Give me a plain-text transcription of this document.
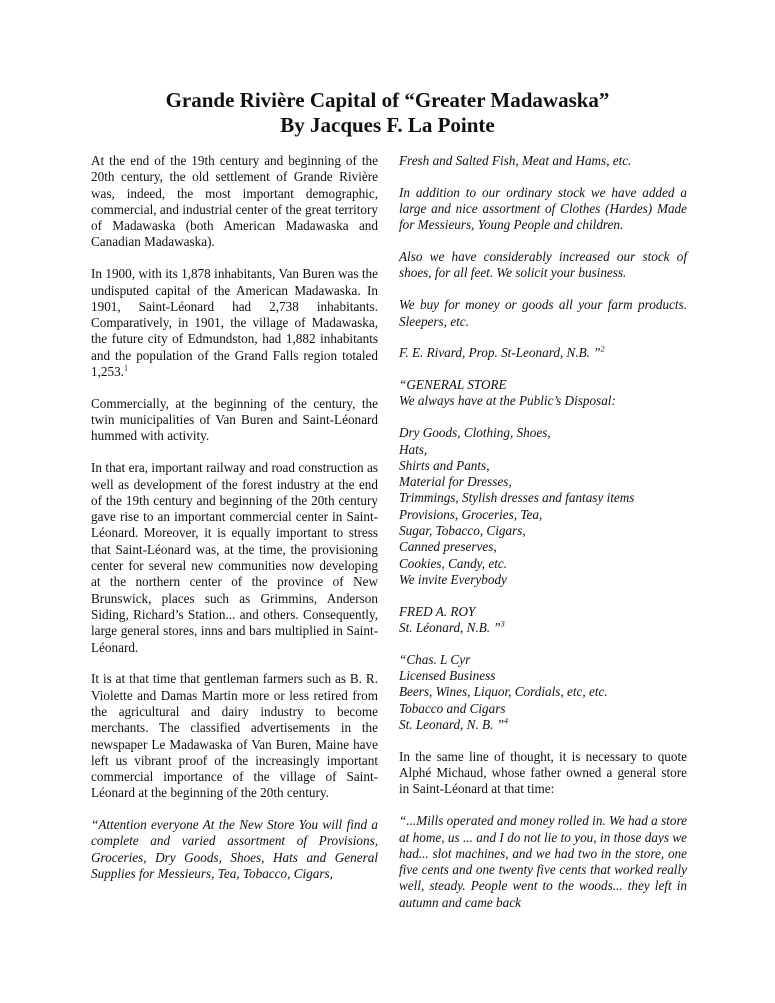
Grande Rivière Capital of “Greater Madawaska”
By Jacques F. La Pointe

At the end of the 19th century and beginning of the 20th century, the old settlement of Grande Rivière was, indeed, the most important demographic, commercial, and industrial center of the great territory of Madawaska (both American Madawaska and Canadian Madawaska).

In 1900, with its 1,878 inhabitants, Van Buren was the undisputed capital of the American Madawaska. In 1901, Saint-Léonard had 2,738 inhabitants. Comparatively, in 1901, the village of Madawaska, the future city of Edmundston, had 1,882 inhabitants and the population of the Grand Falls region totaled 1,253.$^1$

Commercially, at the beginning of the century, the twin municipalities of Van Buren and Saint-Léonard hummed with activity.

In that era, important railway and road construction as well as development of the forest industry at the end of the 19th century and beginning of the 20th century gave rise to an important commercial center in Saint-Léonard. Moreover, it is equally important to stress that Saint-Léonard was, at the time, the provisioning center for several new communities now developing at the northern center of the province of New Brunswick, places such as Grimmins, Anderson Siding, Richard’s Station... and others. Consequently, large general stores, inns and bars multiplied in Saint-Léonard.

It is at that time that gentleman farmers such as B. R. Violette and Damas Martin more or less retired from the agricultural and dairy industry to become merchants. The classified advertisements in the newspaper Le Madawaska of Van Buren, Maine have left us vibrant proof of the increasingly important commercial importance of the village of Saint-Léonard at the beginning of the 20th century.

“Attention everyone At the New Store You will find a complete and varied assortment of Provisions, Groceries, Dry Goods, Shoes, Hats and General Supplies for Messieurs, Tea, Tobacco, Cigars,

Fresh and Salted Fish, Meat and Hams, etc.

In addition to our ordinary stock we have added a large and nice assortment of Clothes (Hardes) Made for Messieurs, Young People and children.

Also we have considerably increased our stock of shoes, for all feet. We solicit your business.

We buy for money or goods all your farm products. Sleepers, etc.

F. E. Rivard, Prop. St-Leonard, N.B. ”$^2$

“GENERAL STORE
We always have at the Public’s Disposal:

Dry Goods, Clothing, Shoes,
Hats,
Shirts and Pants,
Material for Dresses,
Trimmings, Stylish dresses and fantasy items
Provisions, Groceries, Tea,
Sugar, Tobacco, Cigars,
Canned preserves,
Cookies, Candy, etc.
We invite Everybody

FRED A. ROY
St. Léonard, N.B. ”$^3$

“Chas. L Cyr
Licensed Business
Beers, Wines, Liquor, Cordials, etc, etc.
Tobacco and Cigars
St. Leonard, N. B. ”$^4$

In the same line of thought, it is necessary to quote Alphé Michaud, whose father owned a general store in Saint-Léonard at that time:

“...Mills operated and money rolled in. We had a store at home, us ... and I do not lie to you, in those days we had... slot machines, and we had two in the store, one five cents and one twenty five cents that worked really well, steady. People went to the woods... they left in autumn and came back
